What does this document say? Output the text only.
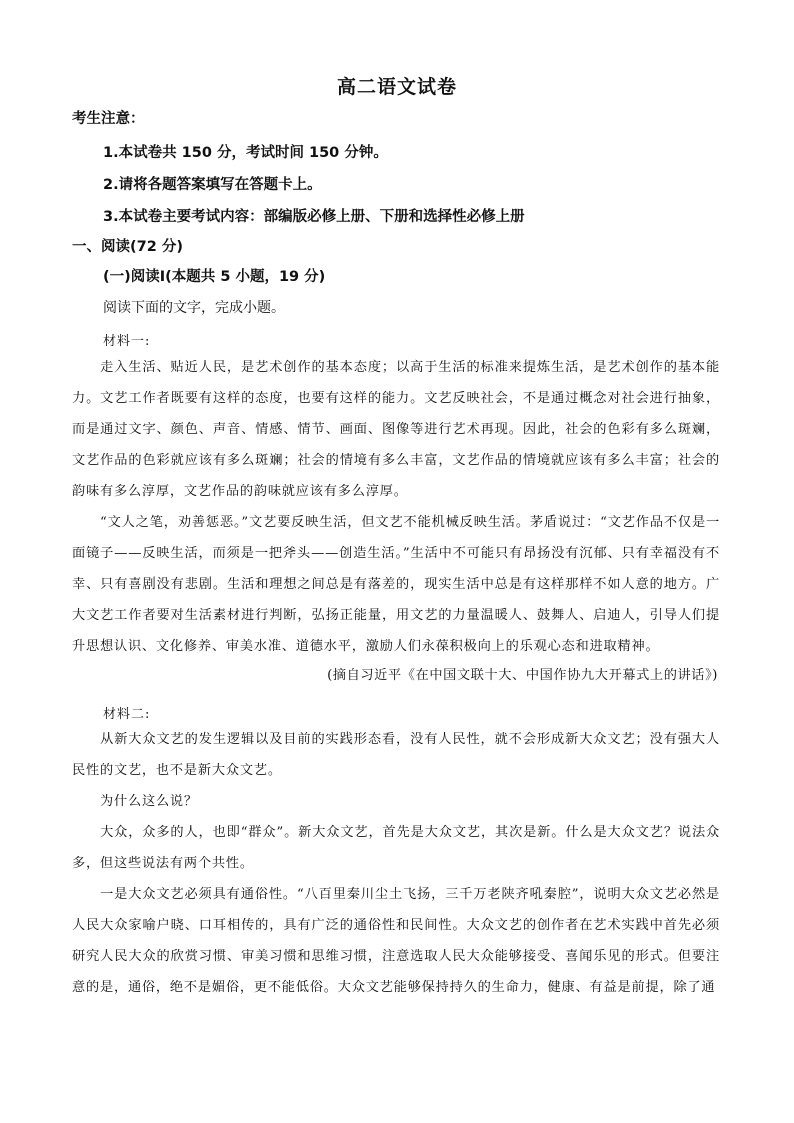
高二语文试卷
考生注意：
1.本试卷共 150 分，考试时间 150 分钟。
2.请将各题答案填写在答题卡上。
3.本试卷主要考试内容：部编版必修上册、下册和选择性必修上册
一、阅读(72 分)
(一)阅读Ⅰ(本题共 5 小题，19 分)
阅读下面的文字，完成小题。
材料一:
走入生活、贴近人民，是艺术创作的基本态度；以高于生活的标准来提炼生活，是艺术创作的基本能力。文艺工作者既要有这样的态度，也要有这样的能力。文艺反映社会，不是通过概念对社会进行抽象，而是通过文字、颜色、声音、情感、情节、画面、图像等进行艺术再现。因此，社会的色彩有多么斑斓，文艺作品的色彩就应该有多么斑斓；社会的情境有多么丰富，文艺作品的情境就应该有多么丰富；社会的韵味有多么淳厚，文艺作品的韵味就应该有多么淳厚。
“文人之笔，劝善惩恶。”文艺要反映生活，但文艺不能机械反映生活。茅盾说过：“文艺作品不仅是一面镜子——反映生活，而须是一把斧头——创造生活。”生活中不可能只有昂扬没有沉郁、只有幸福没有不幸、只有喜剧没有悲剧。生活和理想之间总是有落差的，现实生活中总是有这样那样不如人意的地方。广大文艺工作者要对生活素材进行判断，弘扬正能量，用文艺的力量温暖人、鼓舞人、启迪人，引导人们提升思想认识、文化修养、审美水准、道德水平，激励人们永葆积极向上的乐观心态和进取精神。
(摘自习近平《在中国文联十大、中国作协九大开幕式上的讲话》)
材料二:
从新大众文艺的发生逻辑以及目前的实践形态看，没有人民性，就不会形成新大众文艺；没有强大人民性的文艺，也不是新大众文艺。
为什么这么说？
大众，众多的人，也即“群众”。新大众文艺，首先是大众文艺，其次是新。什么是大众文艺？说法众多，但这些说法有两个共性。
一是大众文艺必须具有通俗性。“八百里秦川尘土飞扬，三千万老陕齐吼秦腔”，说明大众文艺必然是人民大众家喻户晓、口耳相传的，具有广泛的通俗性和民间性。大众文艺的创作者在艺术实践中首先必须研究人民大众的欣赏习惯、审美习惯和思维习惯，注意选取人民大众能够接受、喜闻乐见的形式。但要注意的是，通俗，绝不是媚俗，更不能低俗。大众文艺能够保持持久的生命力，健康、有益是前提，除了通
